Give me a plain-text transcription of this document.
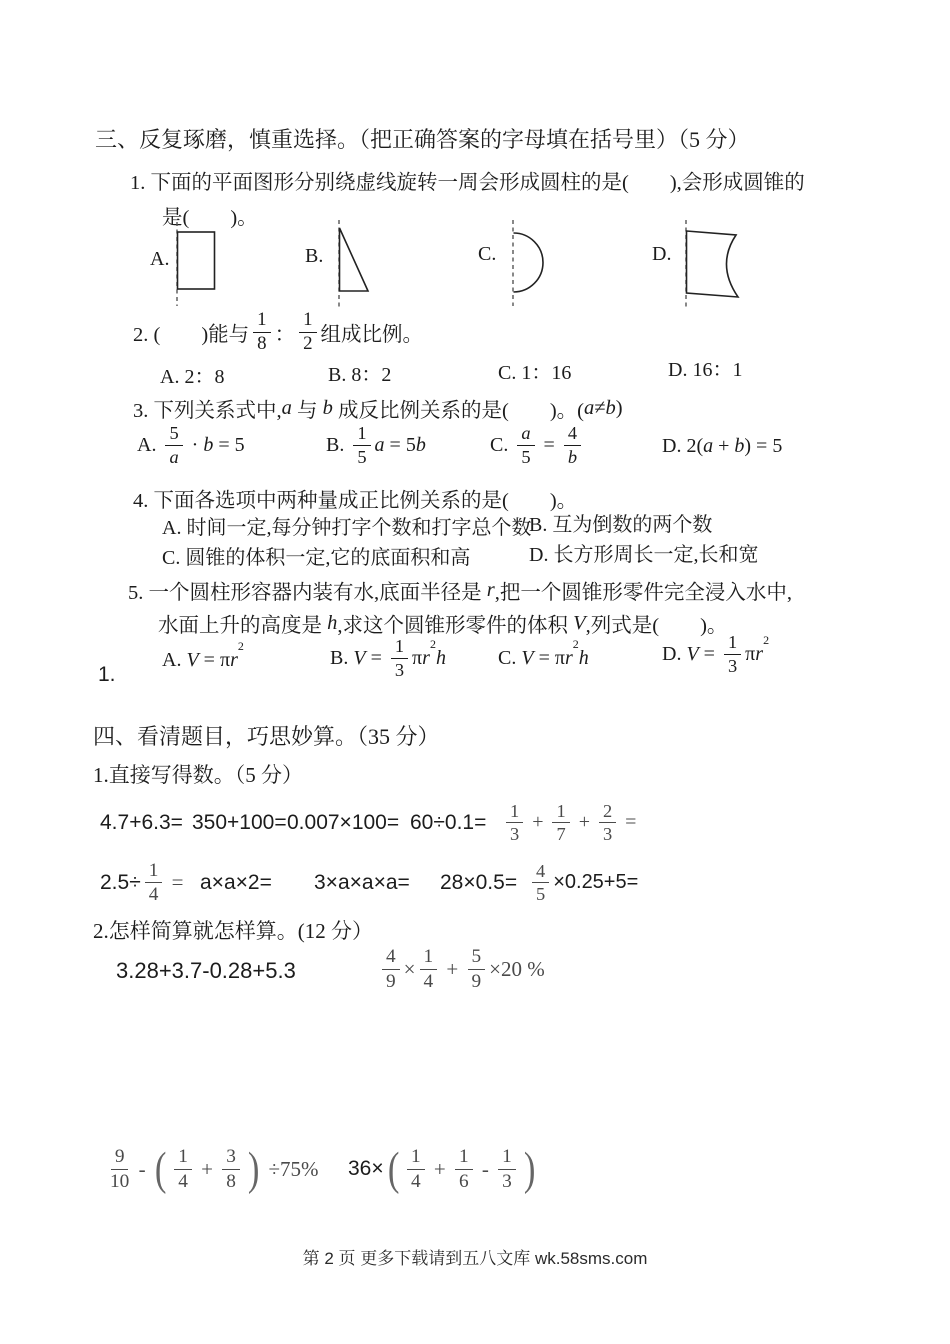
三、反复琢磨，慎重选择。（把正确答案的字母填在括号里）（5 分）
1. 下面的平面图形分别绕虚线旋转一周会形成圆柱的是(　　),会形成圆锥的
是(　　)。
A.	B.	C.	D.
2. (　　)能与 $\frac{1}{8}$ ： $\frac{1}{2}$ 组成比例。
A. 2：8	B. 8：2	C. 1：16	D. 16：1
3. 下列关系式中, a 与 b 成反比例关系的是(　　)。( a ≠ b )
A. $\frac{5}{a} \cdot b = 5$	B. $\frac{1}{5}$ a = 5 b	C. $\frac{a}{5} = \frac{4}{b}$	D. 2( a + b ) = 5
4. 下面各选项中两种量成正比例关系的是(　　)。
A. 时间一定,每分钟打字个数和打字总个数
B. 互为倒数的两个数
C. 圆锥的体积一定,它的底面积和高	D. 长方形周长一定,长和宽
5. 一个圆柱形容器内装有水,底面半径是 r ,把一个圆锥形零件完全浸入水中,
水面上升的高度是 h ,求这个圆锥形零件的体积 V ,列式是(　　)。
A. V = π r
2
B. $V = \frac{1}{3}$ π r
2
h	C. V = π r
2
h	D. $V = \frac{1}{3}$ π r
2
1.
四、看清题目，巧思妙算。（35 分）
1.直接写得数。（5 分）
$4.7+6.3= 350+100= 0.007\times 100= 60\div 0.1= \frac{1}{3} + \frac{1}{7} + \frac{2}{3}$ =
$2.5\div \frac{1}{4} = a\times a\times 2= 3\times a\times a\times a= 28\times 0.5= \frac{4}{5} \times 0.25+5=$
2.怎样简算就怎样算。(12 分）
3.28+3.7-0.28+5.3	$\frac{4}{9} \times \frac{1}{4} + \frac{5}{9} \times 20$ %
$\frac{9}{10}$ - ( $\frac{1}{4} + \frac{3}{8}$ ) ÷75% 36× ( $\frac{1}{4} + \frac{1}{6} - \frac{1}{3}$ )
第 2 页 更多下载请到五八文库 wk.58sms.com
